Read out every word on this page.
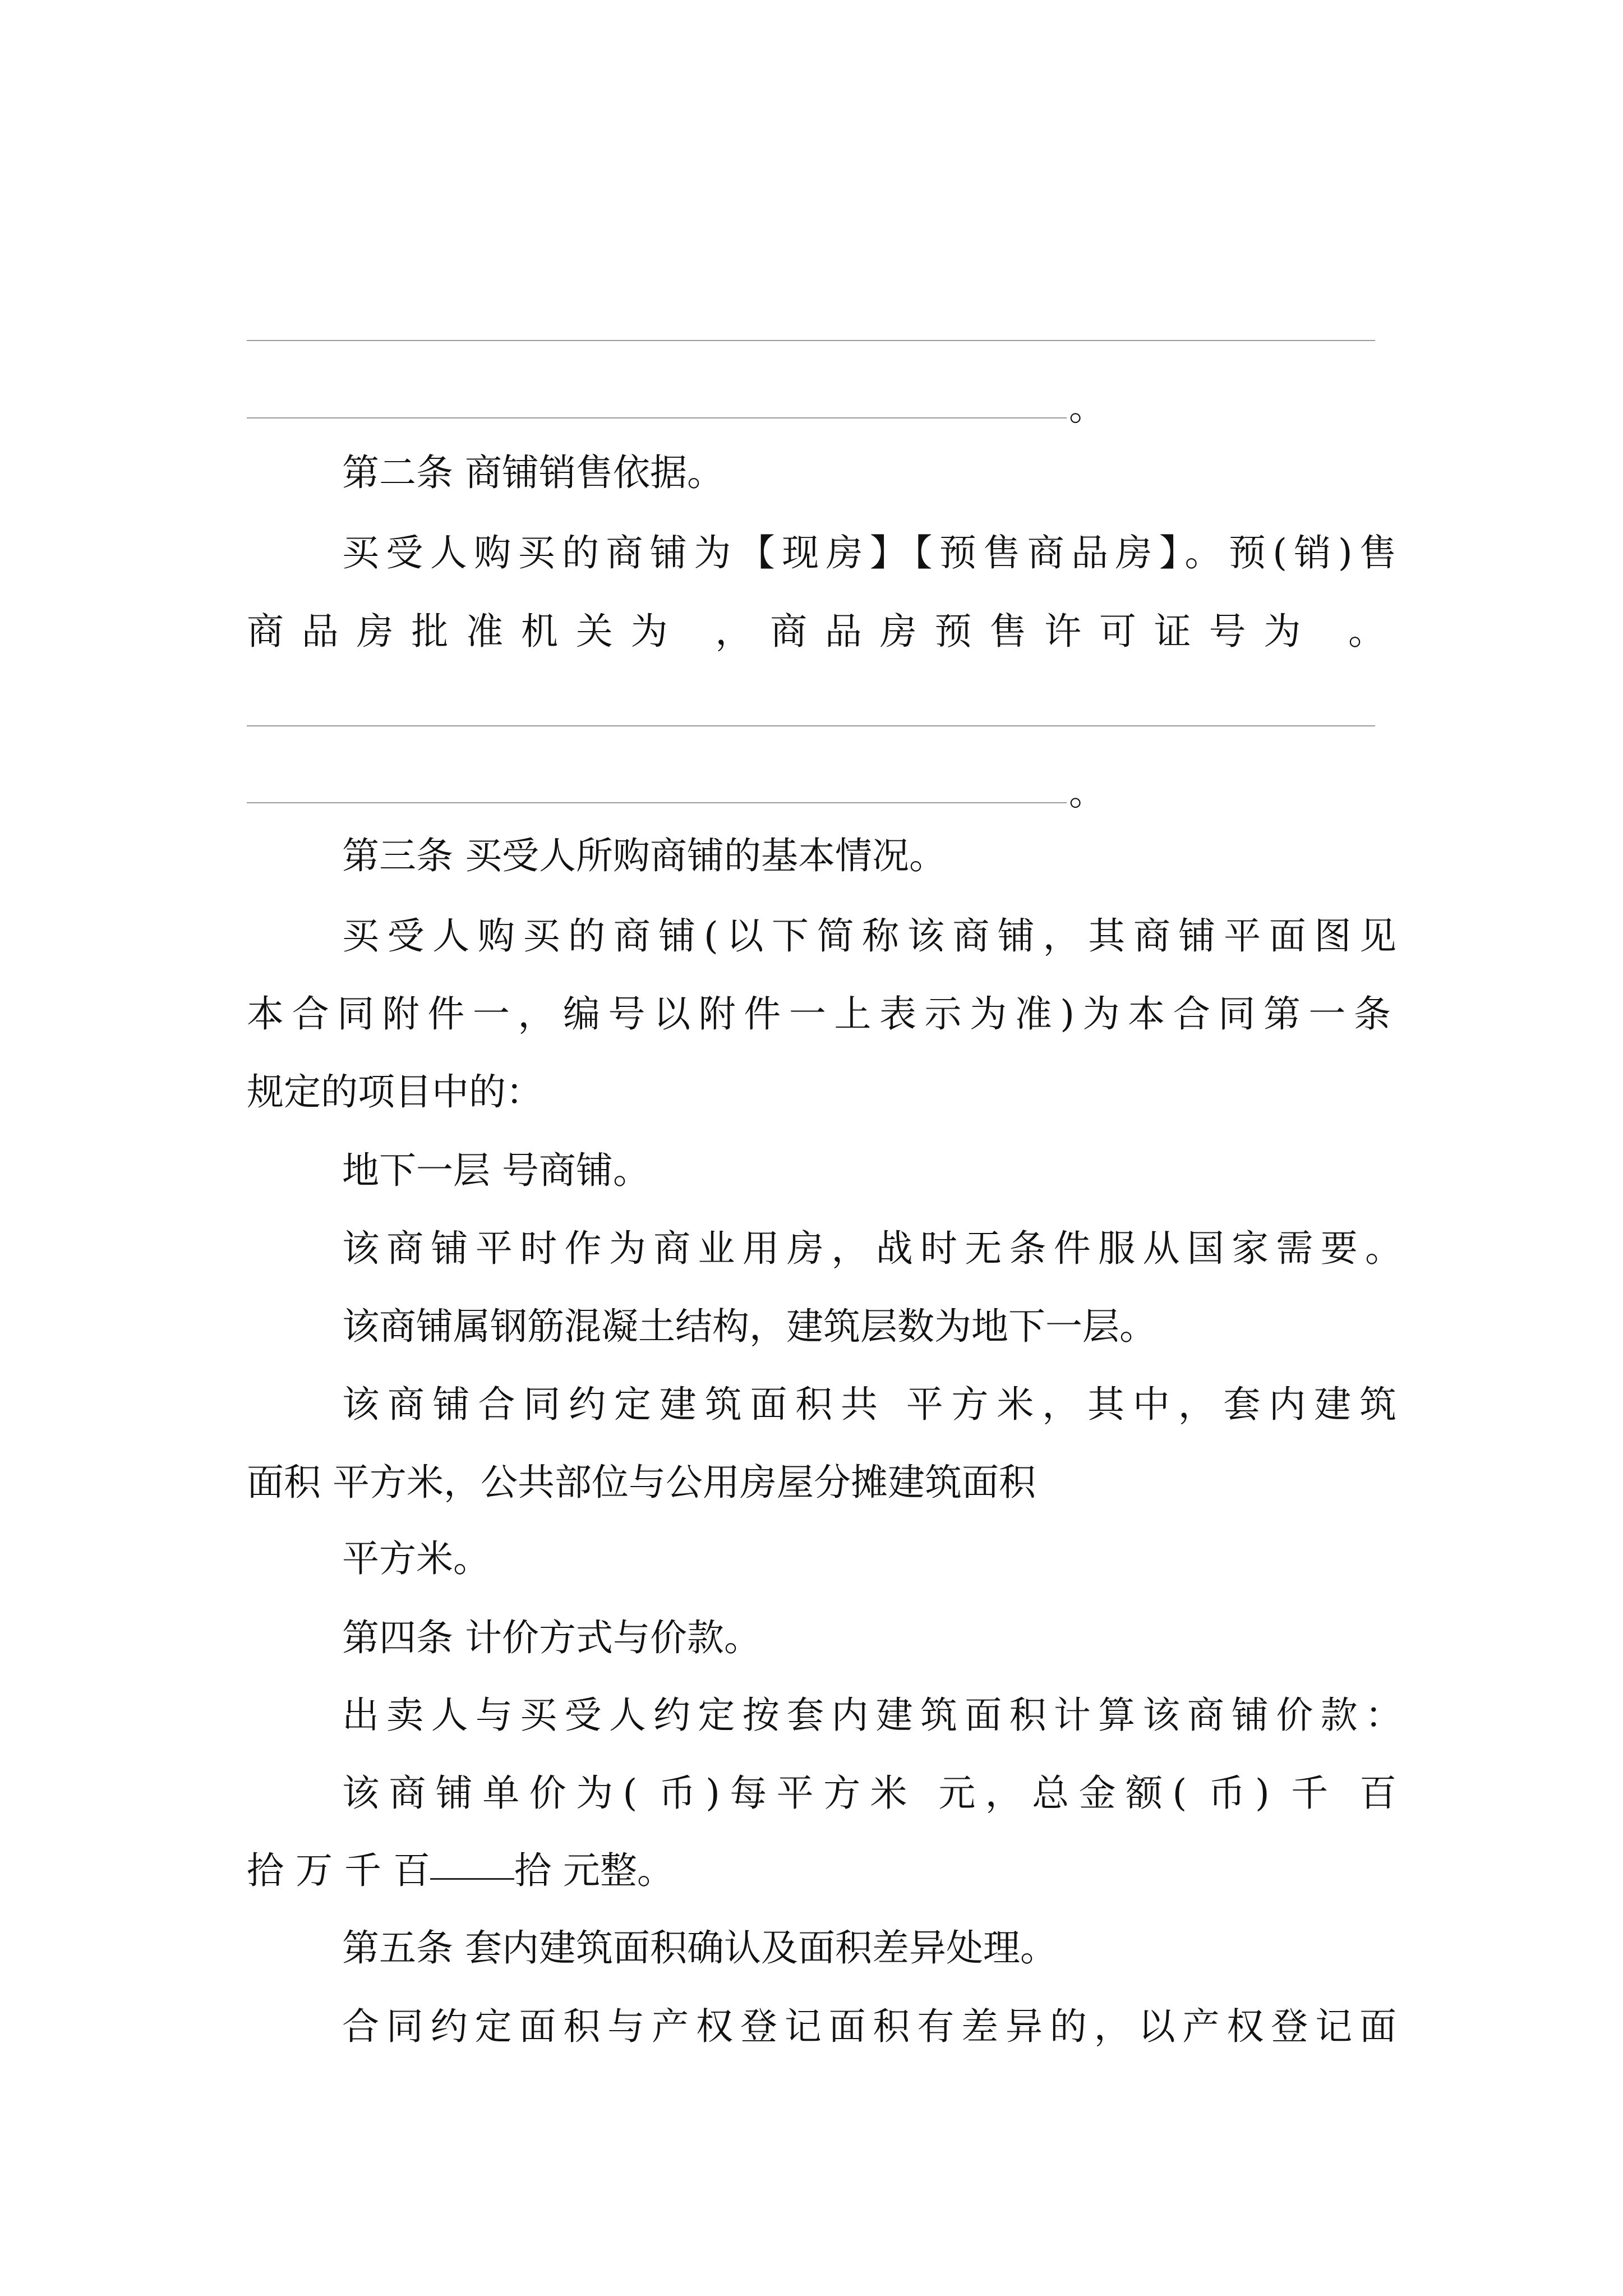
。
第二条 商铺销售依据。
买受人购买的商铺为【现房】【预售商品房】。预(销)售
商品房批准机关为 ，商品房预售许可证号为 。
。
第三条 买受人所购商铺的基本情况。
买受人购买的商铺(以下简称该商铺，其商铺平面图见
本合同附件一，编号以附件一上表示为准)为本合同第一条
规定的项目中的：
地下一层 号商铺。
该商铺平时作为商业用房，战时无条件服从国家需要。
该商铺属钢筋混凝土结构，建筑层数为地下一层。
该商铺合同约定建筑面积共 平方米，其中，套内建筑
面积 平方米，公共部位与公用房屋分摊建筑面积
平方米。
第四条 计价方式与价款。
出卖人与买受人约定按套内建筑面积计算该商铺价款：
该商铺单价为( 币)每平方米 元，总金额( 币) 千 百
拾 万 千 百 拾 元整。
第五条 套内建筑面积确认及面积差异处理。
合同约定面积与产权登记面积有差异的，以产权登记面
